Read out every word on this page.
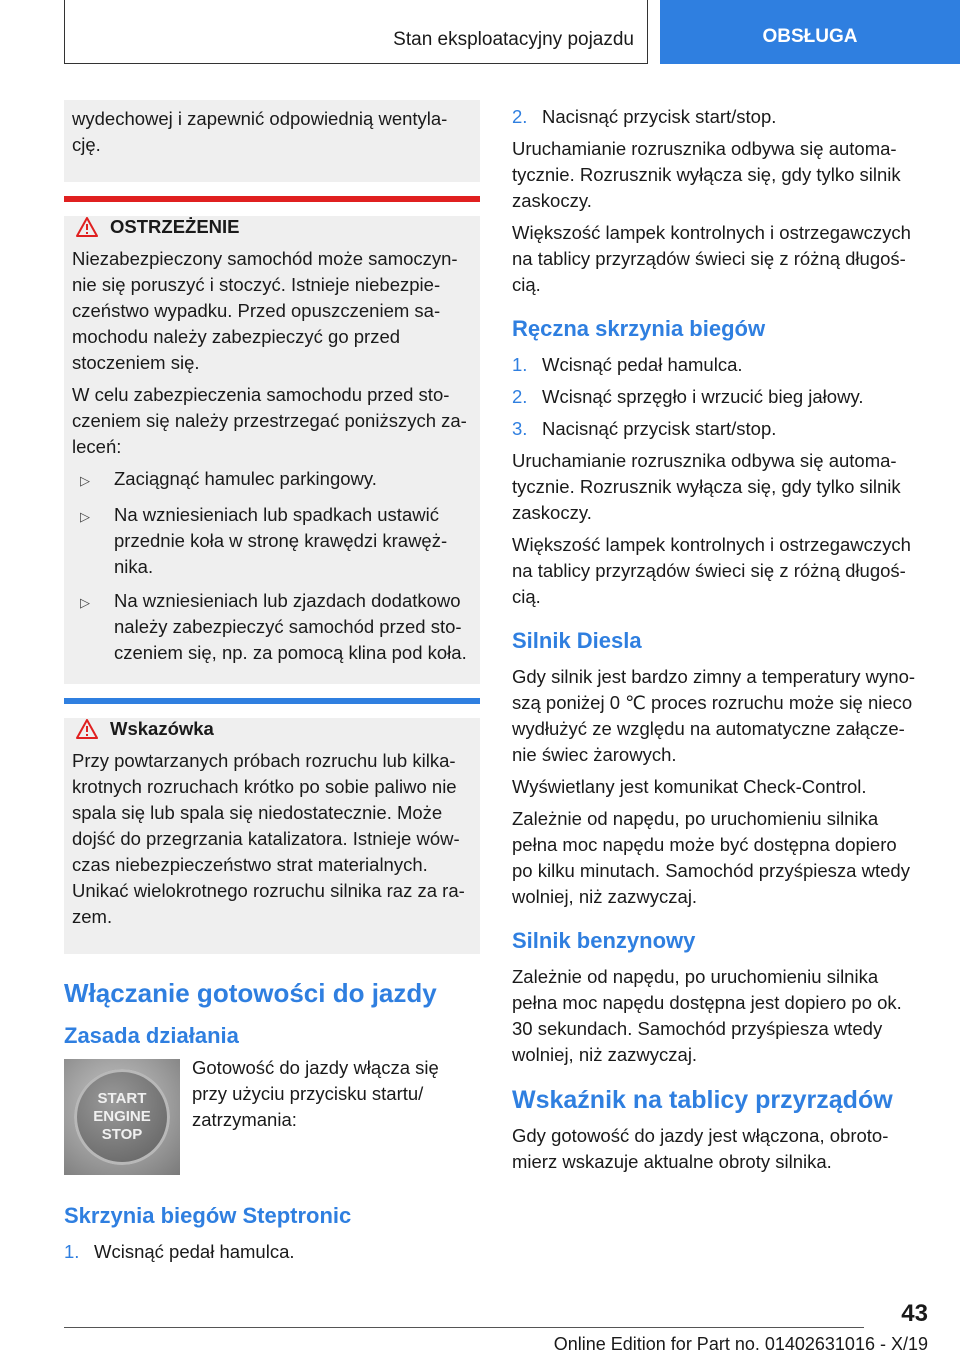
Stan eksploatacyjny pojazdu	OBSŁUGA

wydechowej i zapewnić odpowiednią wentyla-
cję.

OSTRZEŻENIE

Niezabezpieczony samochód może samoczyn-
nie się poruszyć i stoczyć. Istnieje niebezpie-
czeństwo wypadku. Przed opuszczeniem sa-
mochodu należy zabezpieczyć go przed
stoczeniem się.

W celu zabezpieczenia samochodu przed sto-
czeniem się należy przestrzegać poniższych za-
leceń:

▷	Zaciągnąć hamulec parkingowy.
▷	Na wzniesieniach lub spadkach ustawić
przednie koła w stronę krawędzi krawęż-
nika.
▷	Na wzniesieniach lub zjazdach dodatkowo
należy zabezpieczyć samochód przed sto-
czeniem się, np. za pomocą klina pod koła.
Wskazówka

Przy powtarzanych próbach rozruchu lub kilka-
krotnych rozruchach krótko po sobie paliwo nie
spala się lub spala się niedostatecznie. Może
dojść do przegrzania katalizatora. Istnieje wów-
czas niebezpieczeństwo strat materialnych.
Unikać wielokrotnego rozruchu silnika raz za ra-
zem.

Włączanie gotowości do jazdy
Zasada działania
START
ENGINE
STOP

Gotowość do jazdy włącza się
przy użyciu przycisku startu/
zatrzymania:

Skrzynia biegów Steptronic
1. Wcisnąć pedał hamulca.
2. Nacisnąć przycisk start/stop.

Uruchamianie rozrusznika odbywa się automa-
tycznie. Rozrusznik wyłącza się, gdy tylko silnik
zaskoczy.

Większość lampek kontrolnych i ostrzegawczych
na tablicy przyrządów świeci się z różną długoś-
cią.

Ręczna skrzynia biegów
1. Wcisnąć pedał hamulca.
2. Wcisnąć sprzęgło i wrzucić bieg jałowy.
3. Nacisnąć przycisk start/stop.

Uruchamianie rozrusznika odbywa się automa-
tycznie. Rozrusznik wyłącza się, gdy tylko silnik
zaskoczy.

Większość lampek kontrolnych i ostrzegawczych
na tablicy przyrządów świeci się z różną długoś-
cią.

Silnik Diesla

Gdy silnik jest bardzo zimny a temperatury wyno-
szą poniżej 0 ℃ proces rozruchu może się nieco
wydłużyć ze względu na automatyczne załącze-
nie świec żarowych.

Wyświetlany jest komunikat Check-Control.

Zależnie od napędu, po uruchomieniu silnika
pełna moc napędu może być dostępna dopiero
po kilku minutach. Samochód przyśpiesza wtedy
wolniej, niż zazwyczaj.

Silnik benzynowy

Zależnie od napędu, po uruchomieniu silnika
pełna moc napędu dostępna jest dopiero po ok.
30 sekundach. Samochód przyśpiesza wtedy
wolniej, niż zazwyczaj.

Wskaźnik na tablicy przyrządów

Gdy gotowość do jazdy jest włączona, obroto-
mierz wskazuje aktualne obroty silnika.

43
Online Edition for Part no. 01402631016 - X/19
